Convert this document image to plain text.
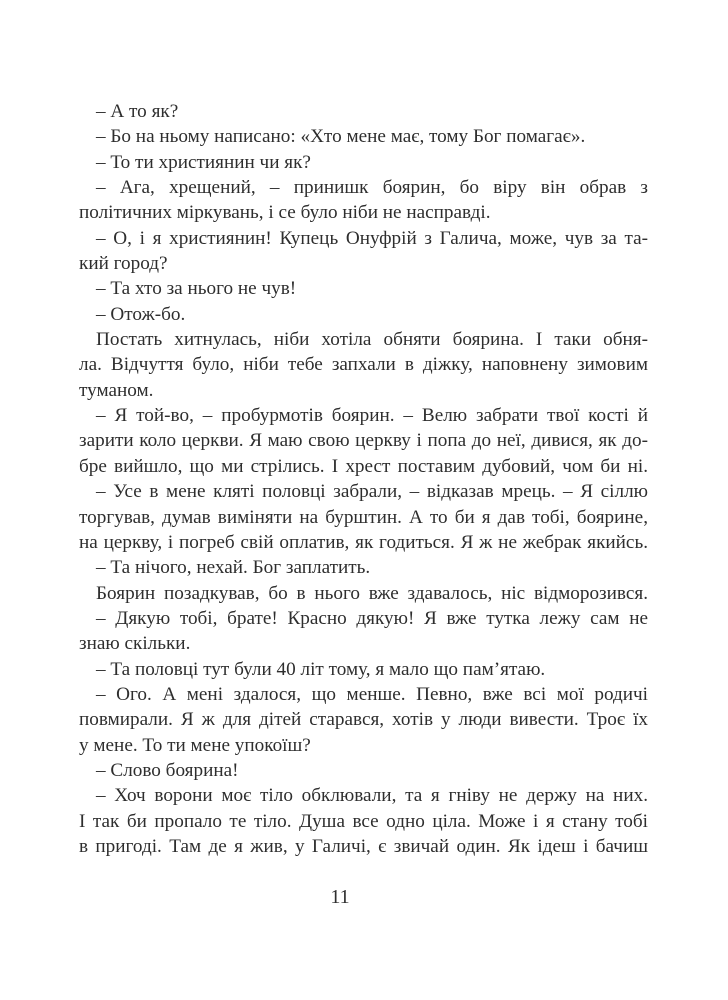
– А то як?
– Бо на ньому написано: «Хто мене має, тому Бог помагає».
– То ти християнин чи як?
– Ага, хрещений, – принишк боярин, бо віру він обрав з
політичних міркувань, і се було ніби не насправді.
– О, і я християнин! Купець Онуфрій з Галича, може, чув за та-
кий город?
– Та хто за нього не чув!
– Отож-бо.
Постать хитнулась, ніби хотіла обняти боярина. І таки обня-
ла. Відчуття було, ніби тебе запхали в діжку, наповнену зимовим
туманом.
– Я той-во, – пробурмотів боярин. – Велю забрати твої кості й
зарити коло церкви. Я маю свою церкву і попа до неї, дивися, як до-
бре вийшло, що ми стрілись. І хрест поставим дубовий, чом би ні.
– Усе в мене кляті половці забрали, – відказав мрець. – Я сіллю
торгував, думав виміняти на бурштин. А то би я дав тобі, боярине,
на церкву, і погреб свій оплатив, як годиться. Я ж не жебрак якийсь.
– Та нічого, нехай. Бог заплатить.
Боярин позадкував, бо в нього вже здавалось, ніс відморозився.
– Дякую тобі, брате! Красно дякую! Я вже тутка лежу сам не
знаю скільки.
– Та половці тут були 40 літ тому, я мало що пам’ятаю.
– Ого. А мені здалося, що менше. Певно, вже всі мої родичі
повмирали. Я ж для дітей старався, хотів у люди вивести. Троє їх
у мене. То ти мене упокоїш?
– Слово боярина!
– Хоч ворони моє тіло обклювали, та я гніву не держу на них.
І так би пропало те тіло. Душа все одно ціла. Може і я стану тобі
в пригоді. Там де я жив, у Галичі, є звичай один. Як ідеш і бачиш
11
